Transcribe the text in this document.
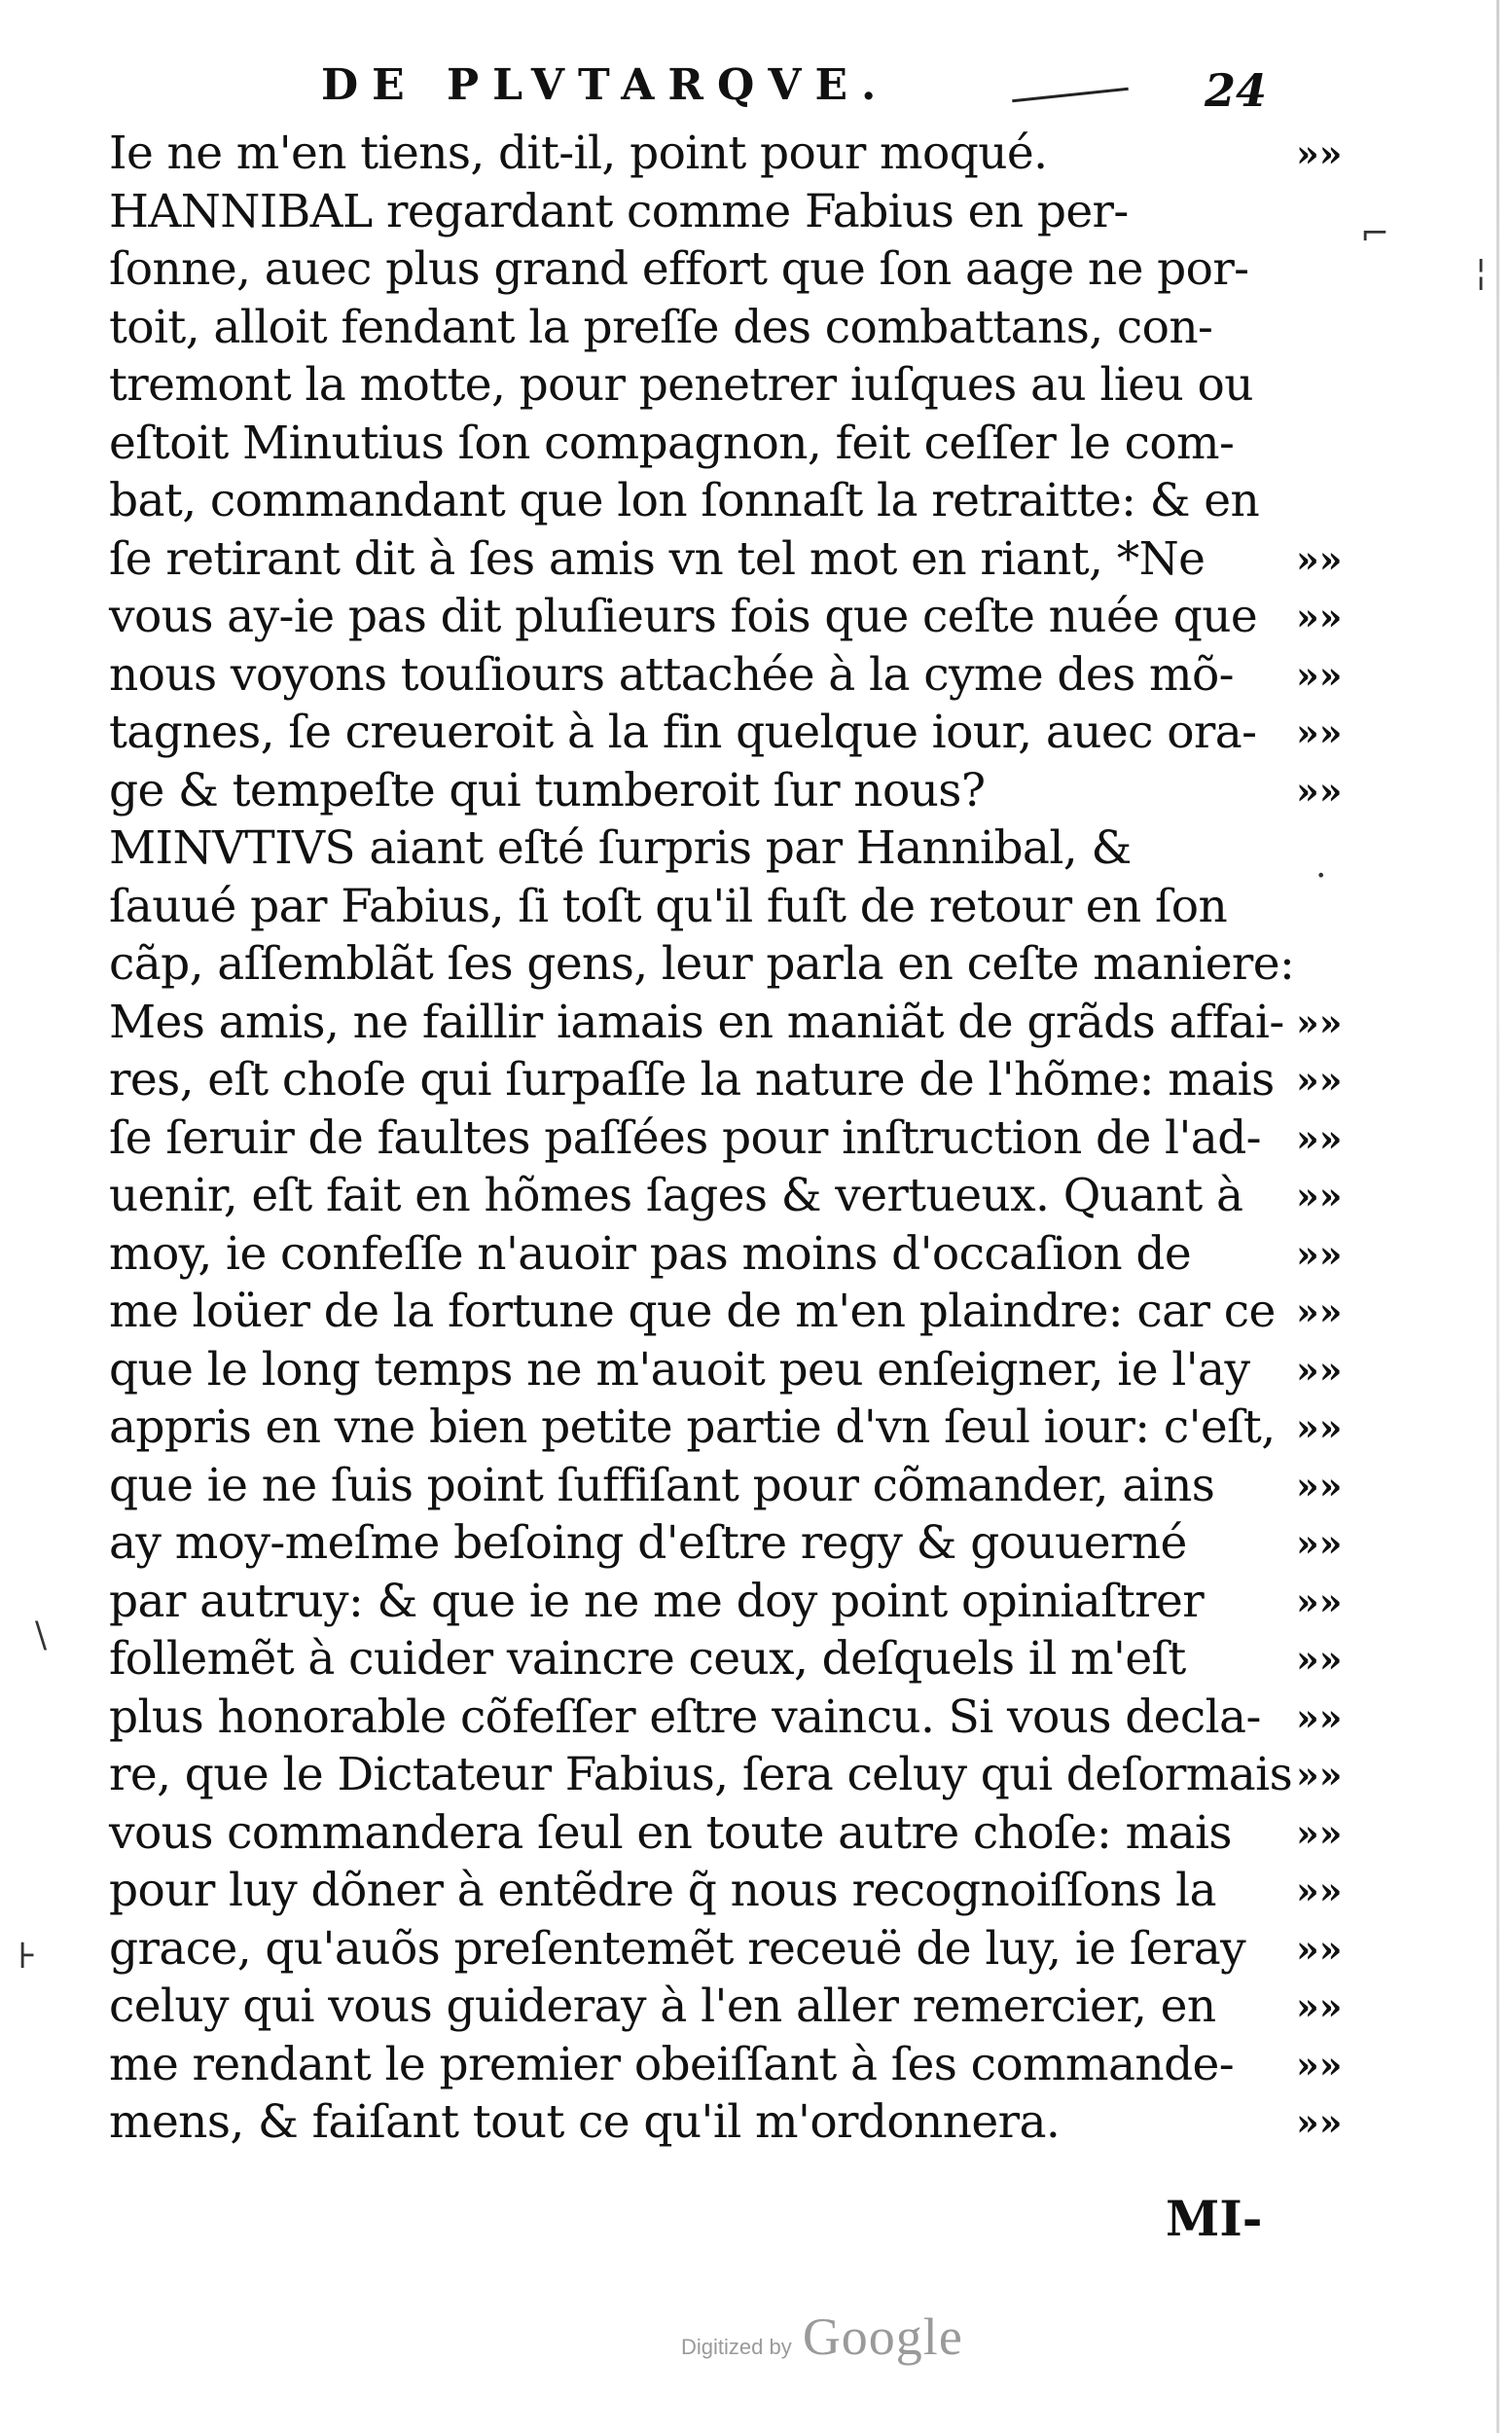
DE PLVTARQVE.	24
Ie ne m'en tiens, dit-il, point pour moqué.
HANNIBAL regardant comme Fabius en per-
ſonne, auec plus grand effort que ſon aage ne por-
toit, alloit fendant la preſſe des combattans, con-
tremont la motte, pour penetrer iuſques au lieu ou
eſtoit Minutius ſon compagnon, feit ceſſer le com-
bat, commandant que lon ſonnaſt la retraitte: & en
ſe retirant dit à ſes amis vn tel mot en riant, *Ne
vous ay-ie pas dit pluſieurs fois que ceſte nuée que
nous voyons touſiours attachée à la cyme des mõ-
tagnes, ſe creueroit à la fin quelque iour, auec ora-
ge & tempeſte qui tumberoit ſur nous?
MINVTIVS aiant eſté ſurpris par Hannibal, &
ſauué par Fabius, ſi toſt qu'il fuſt de retour en ſon
cãp, aſſemblãt ſes gens, leur parla en ceſte maniere:
Mes amis, ne faillir iamais en maniãt de grãds affai-
res, eſt choſe qui ſurpaſſe la nature de l'hõme: mais
ſe ſeruir de faultes paſſées pour inſtruction de l'ad-
uenir, eſt fait en hõmes ſages & vertueux. Quant à
moy, ie confeſſe n'auoir pas moins d'occaſion de
me loüer de la fortune que de m'en plaindre: car ce
que le long temps ne m'auoit peu enſeigner, ie l'ay
appris en vne bien petite partie d'vn ſeul iour: c'eſt,
que ie ne ſuis point ſuffiſant pour cõmander, ains
ay moy-meſme beſoing d'eſtre regy & gouuerné
par autruy: & que ie ne me doy point opiniaſtrer
follemẽt à cuider vaincre ceux, deſquels il m'eſt
plus honorable cõfeſſer eſtre vaincu. Si vous decla-
re, que le Dictateur Fabius, ſera celuy qui deſormais
vous commandera ſeul en toute autre choſe: mais
pour luy dõner à entẽdre q̃ nous recognoiſſons la
grace, qu'auõs preſentemẽt receuë de luy, ie ſeray
celuy qui vous guideray à l'en aller remercier, en
me rendant le premier obeiſſant à ſes commande-
mens, & faiſant tout ce qu'il m'ordonnera.
»»
»»
»»
»»
»»
»»
»»
»»
»»
»»
»»
»»
»»
»»
»»
»»
»»
»»
»»
»»
»»
»»
»»
»»
»»
»»
MI-
⌐
·
¦
\
⊦
Digitized by Google
